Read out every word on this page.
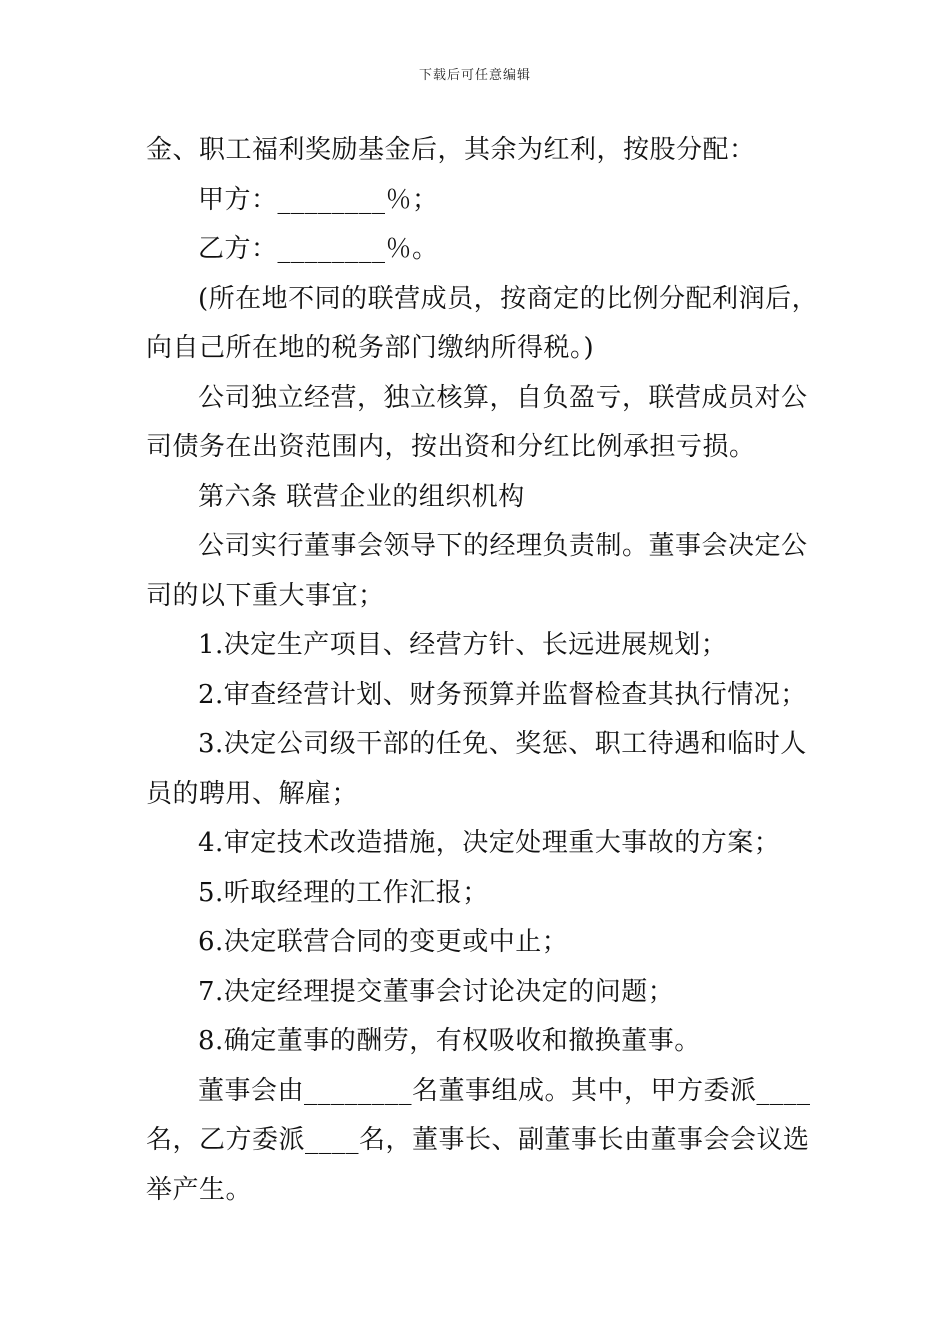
下载后可任意编辑
金、职工福利奖励基金后，其余为红利，按股分配：
甲方：________％；
乙方：________％。
(所在地不同的联营成员，按商定的比例分配利润后，
向自己所在地的税务部门缴纳所得税。)
公司独立经营，独立核算，自负盈亏，联营成员对公
司债务在出资范围内，按出资和分红比例承担亏损。
第六条 联营企业的组织机构
公司实行董事会领导下的经理负责制。董事会决定公
司的以下重大事宜；
1.决定生产项目、经营方针、长远进展规划；
2.审查经营计划、财务预算并监督检查其执行情况；
3.决定公司级干部的任免、奖惩、职工待遇和临时人
员的聘用、解雇；
4.审定技术改造措施，决定处理重大事故的方案；
5.听取经理的工作汇报；
6.决定联营合同的变更或中止；
7.决定经理提交董事会讨论决定的问题；
8.确定董事的酬劳，有权吸收和撤换董事。
董事会由________名董事组成。其中，甲方委派____
名，乙方委派____名，董事长、副董事长由董事会会议选
举产生。
